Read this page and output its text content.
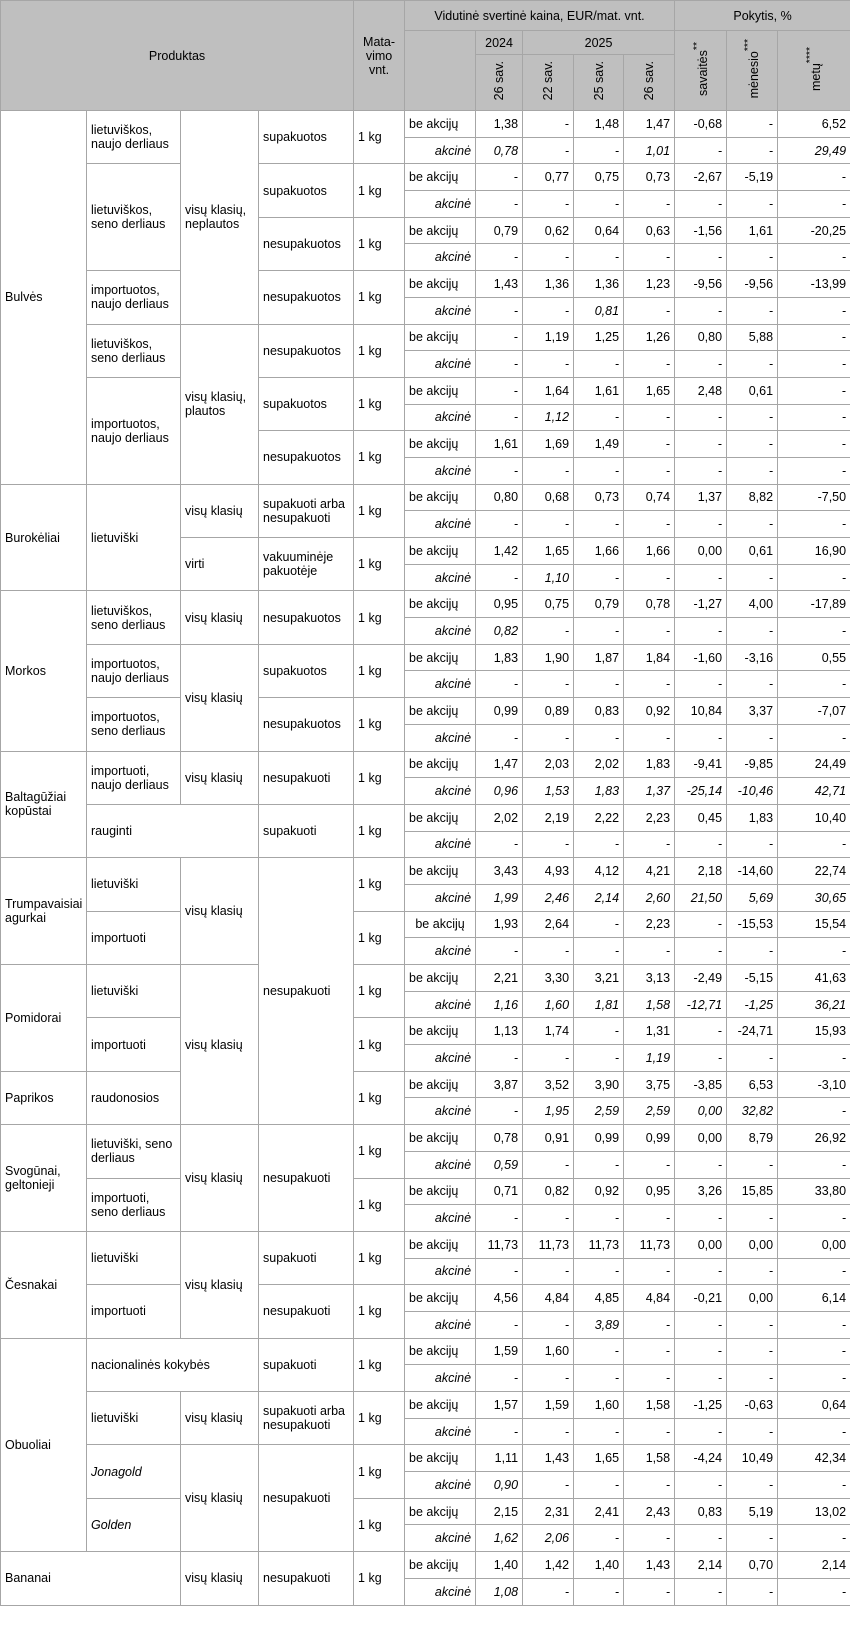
Produktas				Mata-
vimo
vnt.	Vidutinė svertinė kaina, EUR/mat. vnt.					Pokytis, %		
						2024	2025			savaitės**	mėnesio***	metų****
						26 sav.	22 sav.	25 sav.	26 sav.			
Bulvės	lietuviškos, naujo derliaus	visų klasių, neplautos	supakuotos	1 kg	be akcijų	1,38	-	1,48	1,47	-0,68	-	6,52
					akcinė	0,78	-	-	1,01	-	-	29,49
	lietuviškos, seno derliaus		supakuotos	1 kg	be akcijų	-	0,77	0,75	0,73	-2,67	-5,19	-
					akcinė	-	-	-	-	-	-	-
			nesupakuotos	1 kg	be akcijų	0,79	0,62	0,64	0,63	-1,56	1,61	-20,25
					akcinė	-	-	-	-	-	-	-
	importuotos, naujo derliaus		nesupakuotos	1 kg	be akcijų	1,43	1,36	1,36	1,23	-9,56	-9,56	-13,99
					akcinė	-	-	0,81	-	-	-	-
	lietuviškos, seno derliaus	visų klasių, plautos	nesupakuotos	1 kg	be akcijų	-	1,19	1,25	1,26	0,80	5,88	-
					akcinė	-	-	-	-	-	-	-
	importuotos, naujo derliaus		supakuotos	1 kg	be akcijų	-	1,64	1,61	1,65	2,48	0,61	-
					akcinė	-	1,12	-	-	-	-	-
			nesupakuotos	1 kg	be akcijų	1,61	1,69	1,49	-	-	-	-
					akcinė	-	-	-	-	-	-	-
Burokėliai	lietuviški	visų klasių	supakuoti arba nesupakuoti	1 kg	be akcijų	0,80	0,68	0,73	0,74	1,37	8,82	-7,50
					akcinė	-	-	-	-	-	-	-
		virti	vakuuminėje pakuotėje	1 kg	be akcijų	1,42	1,65	1,66	1,66	0,00	0,61	16,90
					akcinė	-	1,10	-	-	-	-	-
Morkos	lietuviškos, seno derliaus	visų klasių	nesupakuotos	1 kg	be akcijų	0,95	0,75	0,79	0,78	-1,27	4,00	-17,89
					akcinė	0,82	-	-	-	-	-	-
	importuotos, naujo derliaus	visų klasių	supakuotos	1 kg	be akcijų	1,83	1,90	1,87	1,84	-1,60	-3,16	0,55
					akcinė	-	-	-	-	-	-	-
	importuotos, seno derliaus		nesupakuotos	1 kg	be akcijų	0,99	0,89	0,83	0,92	10,84	3,37	-7,07
					akcinė	-	-	-	-	-	-	-
Baltagūžiai kopūstai	importuoti, naujo derliaus	visų klasių	nesupakuoti	1 kg	be akcijų	1,47	2,03	2,02	1,83	-9,41	-9,85	24,49
					akcinė	0,96	1,53	1,83	1,37	-25,14	-10,46	42,71
	rauginti		supakuoti	1 kg	be akcijų	2,02	2,19	2,22	2,23	0,45	1,83	10,40
					akcinė	-	-	-	-	-	-	-
Trumpavaisiai agurkai	lietuviški	visų klasių	nesupakuoti	1 kg	be akcijų	3,43	4,93	4,12	4,21	2,18	-14,60	22,74
					akcinė	1,99	2,46	2,14	2,60	21,50	5,69	30,65
	importuoti			1 kg	be akcijų	1,93	2,64	-	2,23	-	-15,53	15,54
					akcinė	-	-	-	-	-	-	-
Pomidorai	lietuviški	visų klasių		1 kg	be akcijų	2,21	3,30	3,21	3,13	-2,49	-5,15	41,63
					akcinė	1,16	1,60	1,81	1,58	-12,71	-1,25	36,21
	importuoti			1 kg	be akcijų	1,13	1,74	-	1,31	-	-24,71	15,93
					akcinė	-	-	-	1,19	-	-	-
Paprikos	raudonosios			1 kg	be akcijų	3,87	3,52	3,90	3,75	-3,85	6,53	-3,10
					akcinė	-	1,95	2,59	2,59	0,00	32,82	-
Svogūnai, geltonieji	lietuviški, seno derliaus	visų klasių	nesupakuoti	1 kg	be akcijų	0,78	0,91	0,99	0,99	0,00	8,79	26,92
					akcinė	0,59	-	-	-	-	-	-
	importuoti, seno derliaus			1 kg	be akcijų	0,71	0,82	0,92	0,95	3,26	15,85	33,80
					akcinė	-	-	-	-	-	-	-
Česnakai	lietuviški	visų klasių	supakuoti	1 kg	be akcijų	11,73	11,73	11,73	11,73	0,00	0,00	0,00
					akcinė	-	-	-	-	-	-	-
	importuoti		nesupakuoti	1 kg	be akcijų	4,56	4,84	4,85	4,84	-0,21	0,00	6,14
					akcinė	-	-	3,89	-	-	-	-
Obuoliai	nacionalinės kokybės		supakuoti	1 kg	be akcijų	1,59	1,60	-	-	-	-	-
					akcinė	-	-	-	-	-	-	-
	lietuviški	visų klasių	supakuoti arba nesupakuoti	1 kg	be akcijų	1,57	1,59	1,60	1,58	-1,25	-0,63	0,64
					akcinė	-	-	-	-	-	-	-
	Jonagold	visų klasių	nesupakuoti	1 kg	be akcijų	1,11	1,43	1,65	1,58	-4,24	10,49	42,34
					akcinė	0,90	-	-	-	-	-	-
	Golden			1 kg	be akcijų	2,15	2,31	2,41	2,43	0,83	5,19	13,02
					akcinė	1,62	2,06	-	-	-	-	-
Bananai		visų klasių	nesupakuoti	1 kg	be akcijų	1,40	1,42	1,40	1,43	2,14	0,70	2,14
					akcinė	1,08	-	-	-	-	-	-
